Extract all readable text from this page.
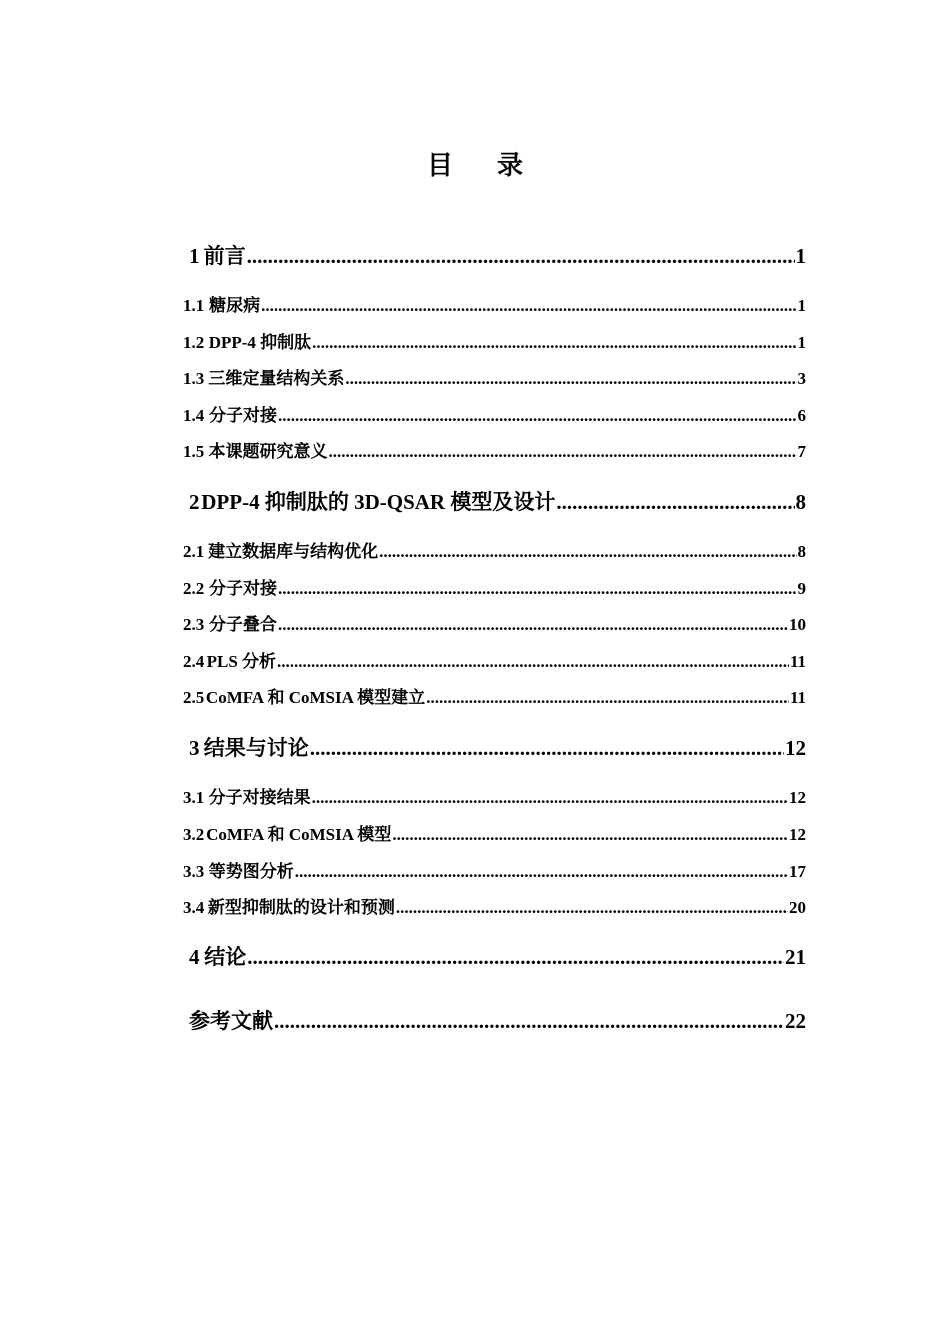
目录
1 前言 .....	1
1.1 糖尿病 .....	1
1.2 DPP-4 抑制肽 .....	1
1.3 三维定量结构关系 .....	3
1.4 分子对接 .....	6
1.5 本课题研究意义 .....	7
2 DPP-4 抑制肽的 3D-QSAR 模型及设计 .....	8
2.1 建立数据库与结构优化 .....	8
2.2 分子对接 .....	9
2.3 分子叠合 .....	10
2.4 PLS 分析 .....	11
2.5 CoMFA 和 CoMSIA 模型建立 .....	11
3 结果与讨论 .....	12
3.1 分子对接结果 .....	12
3.2 CoMFA 和 CoMSIA 模型 .....	12
3.3 等势图分析 .....	17
3.4 新型抑制肽的设计和预测 .....	20
4 结论 .....	21
参考文献 .....	22
